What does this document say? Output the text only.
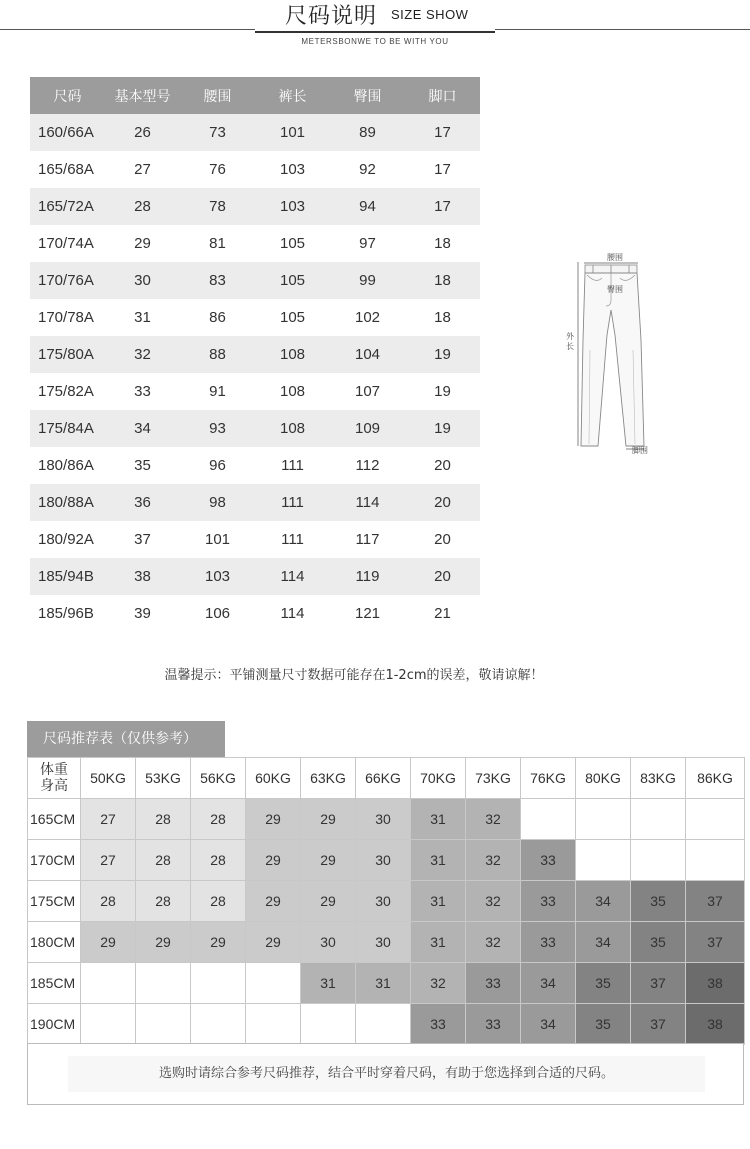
尺码说明 SIZE SHOW
METERSBONWE TO BE WITH YOU
尺码	基本型号	腰围	裤长	臀围	脚口
160/66A	26	73	101	89	17
165/68A	27	76	103	92	17
165/72A	28	78	103	94	17
170/74A	29	81	105	97	18
170/76A	30	83	105	99	18
170/78A	31	86	105	102	18
175/80A	32	88	108	104	19
175/82A	33	91	108	107	19
175/84A	34	93	108	109	19
180/86A	35	96	111	112	20
180/88A	36	98	111	114	20
180/92A	37	101	111	117	20
185/94B	38	103	114	119	20
185/96B	39	106	114	121	21
腰围
臀围
外长
脚围
温馨提示：平铺测量尺寸数据可能存在1-2cm的误差，敬请谅解！
尺码推荐表（仅供参考）
体重
身高	50KG	53KG	56KG	60KG	63KG	66KG	70KG	73KG	76KG	80KG	83KG	86KG
165CM	27	28	28	29	29	30	31	32				
170CM	27	28	28	29	29	30	31	32	33			
175CM	28	28	28	29	29	30	31	32	33	34	35	37
180CM	29	29	29	29	30	30	31	32	33	34	35	37
185CM					31	31	32	33	34	35	37	38
190CM							33	33	34	35	37	38
选购时请综合参考尺码推荐，结合平时穿着尺码，有助于您选择到合适的尺码。
